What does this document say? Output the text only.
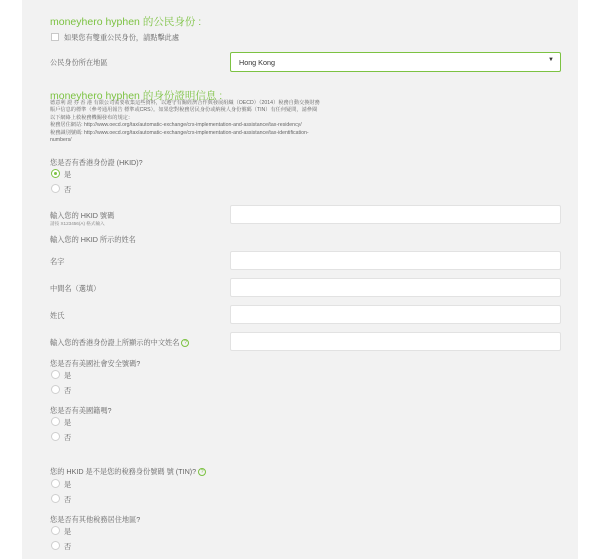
moneyhero hyphen 的公民身份 :
如果您有雙重公民身份，請點擊此處
公民身份所在地區	Hong Kong	▼
moneyhero hyphen 的身份證明信息 :
德意利 證 券 香 港 有限公司需要收集這些資料，以遵守有關經濟合作與發展組織（OECD）（2014）稅務自動交換財務
賬戶信息的標準（參考通用報告 標準或CRS）。如果您對稅務居民身份或納稅人身份號碼（TIN）有任何疑問，請參閱
以下網絡上救稅務機關發布的規定：
稅務居住網站: http://www.oecd.org/tax/automatic-exchange/crs-implementation-and-assistance/tax-residency/
稅務識別號碼: http://www.oecd.org/tax/automatic-exchange/crs-implementation-and-assistance/tax-identification-
numbers/
您是否有香港身份證 (HKID)?
是
否
輸入您的 HKID 號碼
請按 X123456(A) 格式輸入
輸入您的 HKID 所示的姓名
名字
中間名（選填）
姓氏
輸入您的香港身份證上所顯示的中文姓名 ?
您是否有美國社會安全號碼?
是
否
您是否有美國籍嗎?
是
否
您的 HKID 是不是您的稅務身份號碼 號 (TIN)? ?
是
否
您是否有其他稅務居住地區?
是
否
